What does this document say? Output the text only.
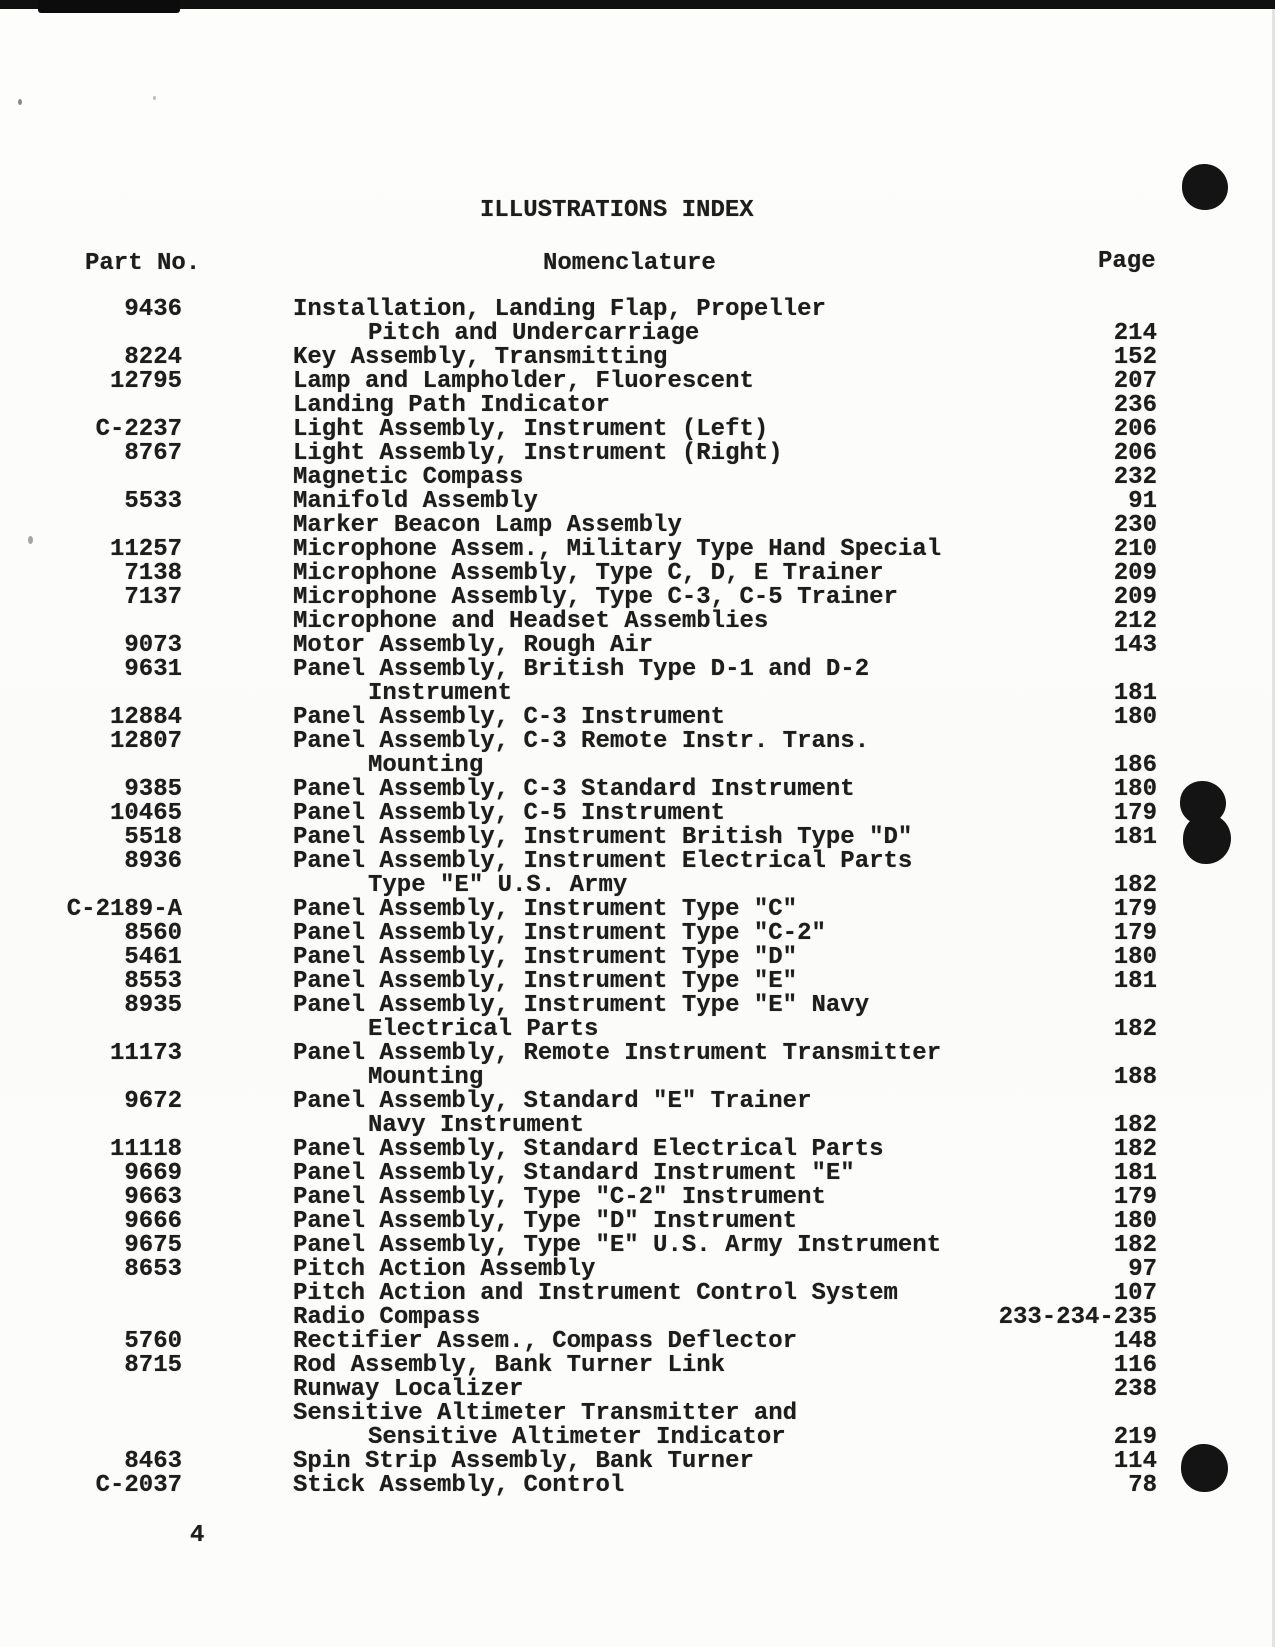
ILLUSTRATIONS INDEX
Part No.	Nomenclature	Page
9436	Installation, Landing Flap, Propeller
Pitch and Undercarriage	214
8224	Key Assembly, Transmitting	152
12795	Lamp and Lampholder, Fluorescent	207
Landing Path Indicator	236
C-2237	Light Assembly, Instrument (Left)	206
8767	Light Assembly, Instrument (Right)	206
Magnetic Compass	232
5533	Manifold Assembly	91
Marker Beacon Lamp Assembly	230
11257	Microphone Assem., Military Type Hand Special	210
7138	Microphone Assembly, Type C, D, E Trainer	209
7137	Microphone Assembly, Type C-3, C-5 Trainer	209
Microphone and Headset Assemblies	212
9073	Motor Assembly, Rough Air	143
9631	Panel Assembly, British Type D-1 and D-2
Instrument	181
12884	Panel Assembly, C-3 Instrument	180
12807	Panel Assembly, C-3 Remote Instr. Trans.
Mounting	186
9385	Panel Assembly, C-3 Standard Instrument	180
10465	Panel Assembly, C-5 Instrument	179
5518	Panel Assembly, Instrument British Type "D"	181
8936	Panel Assembly, Instrument Electrical Parts
Type "E" U.S. Army	182
C-2189-A	Panel Assembly, Instrument Type "C"	179
8560	Panel Assembly, Instrument Type "C-2"	179
5461	Panel Assembly, Instrument Type "D"	180
8553	Panel Assembly, Instrument Type "E"	181
8935	Panel Assembly, Instrument Type "E" Navy
Electrical Parts	182
11173	Panel Assembly, Remote Instrument Transmitter
Mounting	188
9672	Panel Assembly, Standard "E" Trainer
Navy Instrument	182
11118	Panel Assembly, Standard Electrical Parts	182
9669	Panel Assembly, Standard Instrument "E"	181
9663	Panel Assembly, Type "C-2" Instrument	179
9666	Panel Assembly, Type "D" Instrument	180
9675	Panel Assembly, Type "E" U.S. Army Instrument	182
8653	Pitch Action Assembly	97
Pitch Action and Instrument Control System	107
Radio Compass	233-234-235
5760	Rectifier Assem., Compass Deflector	148
8715	Rod Assembly, Bank Turner Link	116
Runway Localizer	238
Sensitive Altimeter Transmitter and
Sensitive Altimeter Indicator	219
8463	Spin Strip Assembly, Bank Turner	114
C-2037	Stick Assembly, Control	78
4
